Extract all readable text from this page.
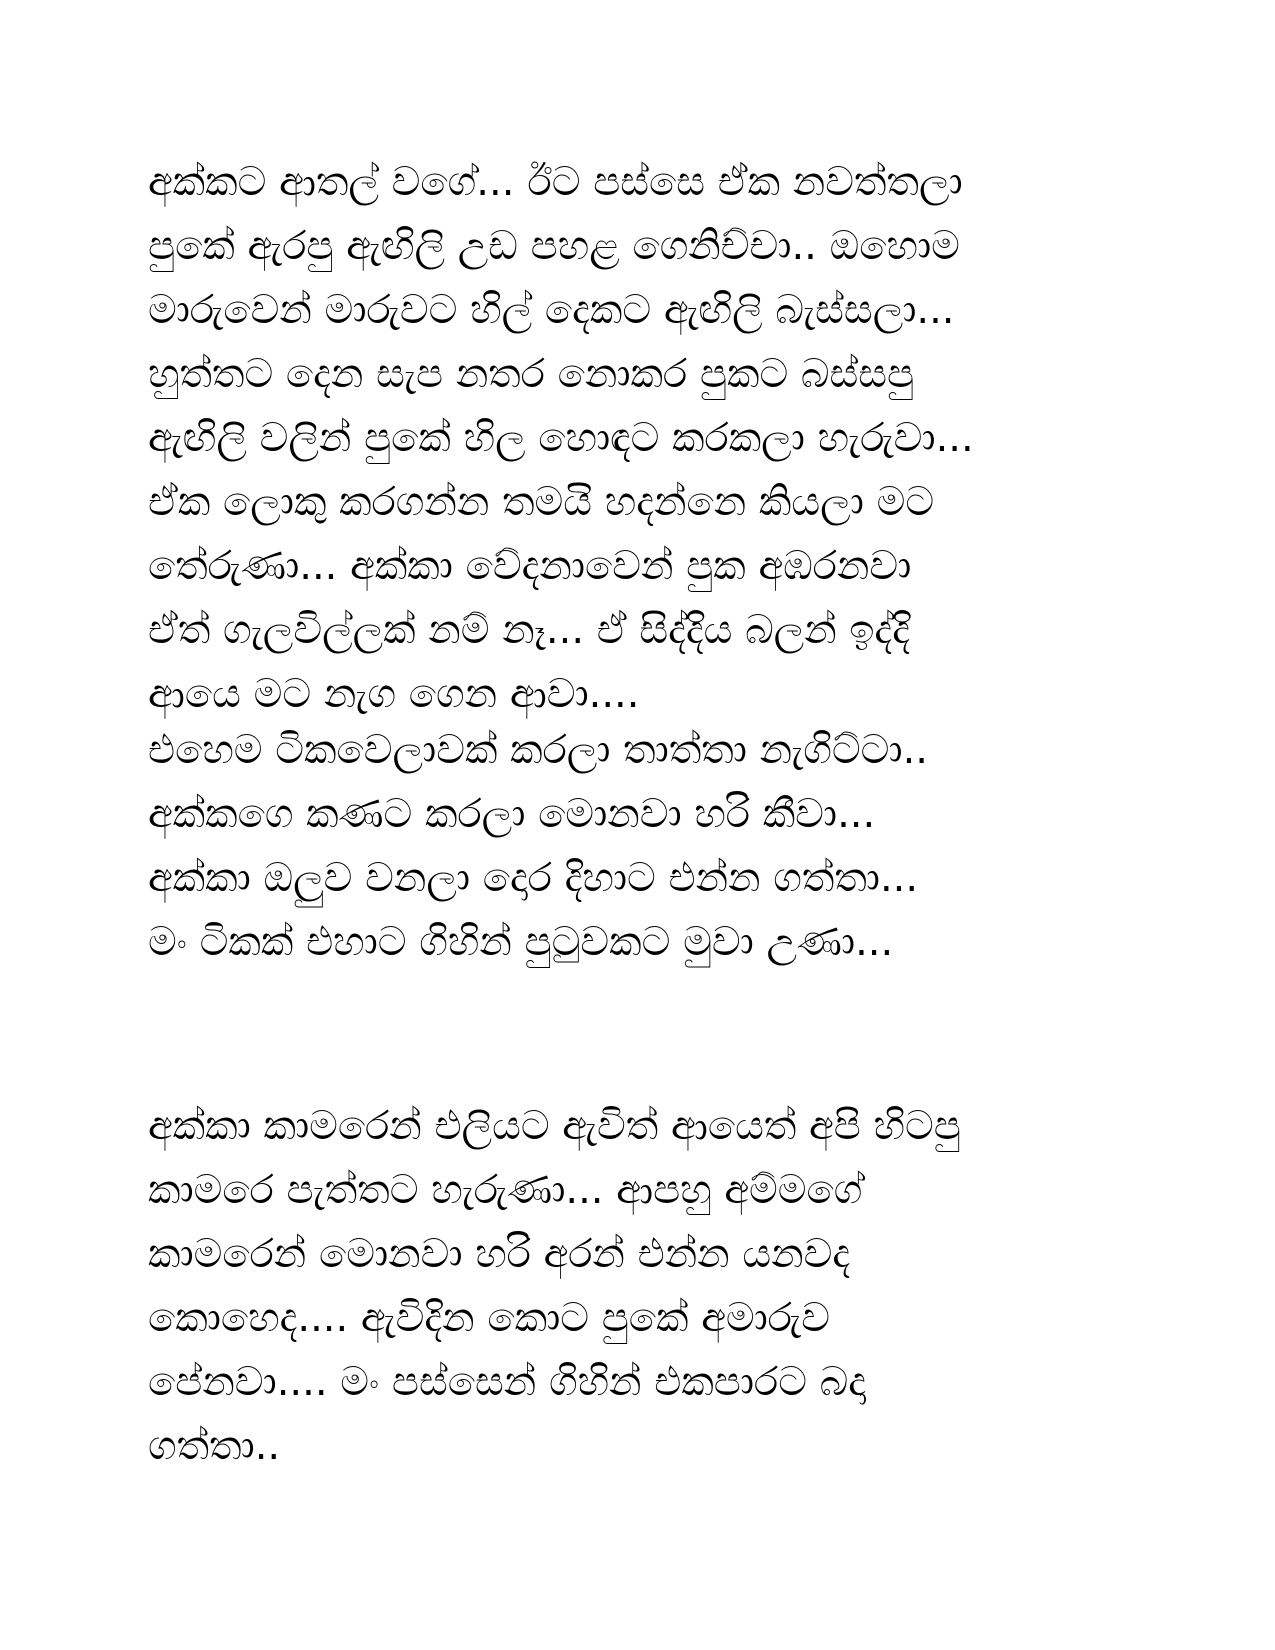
අක්කට ආතල් වගේ... ඊට පස්සෙ ඒක නවත්තලා
පුකේ ඇරපු ඇඟිලි උඩ පහළ ගෙනිච්චා.. ඔහොම
මාරුවෙන් මාරුවට හිල් දෙකට ඇඟිලි බැස්සලා...
හුත්තට දෙන සැප නතර නොකර පුකට බස්සපු
ඇඟිලි වලින් පුකේ හිල හොඳට කරකලා හැරුවා...
ඒක ලොකු කරගන්න තමයි හදන්නෙ කියලා මට
තේරුණා... අක්කා වේදනාවෙන් පුක අඹරනවා
ඒත් ගැලවිල්ලක් නම් නෑ... ඒ සිද්දිය බලන් ඉද්දි
ආයෙ මට නැග ගෙන ආවා....
එහෙම ටිකවෙලාවක් කරලා තාත්තා නැගිට්ටා..
අක්කගෙ කණට කරලා මොනවා හරි කීවා...
අක්කා ඔලුව වනලා දොර දිහාට එන්න ගත්තා...
මං ටිකක් එහාට ගිහින් පුටුවකට මුවා උණා...
අක්කා කාමරෙන් එලියට ඇවිත් ආයෙත් අපි හිටපු
කාමරෙ පැත්තට හැරුණා... ආපහු අම්මගේ
කාමරෙන් මොනවා හරි අරන් එන්න යනවද
කොහෙද.... ඇවිදින කොට පුකේ අමාරුව
පේනවා.... මං පස්සෙන් ගිහින් එකපාරට බදා
ගත්තා..
